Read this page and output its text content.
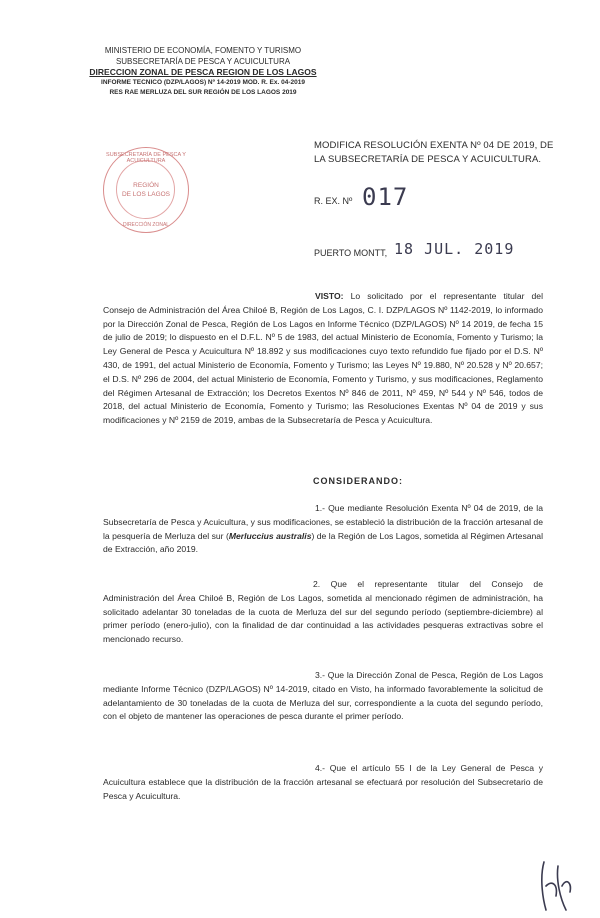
MINISTERIO DE ECONOMÍA, FOMENTO Y TURISMO
SUBSECRETARÍA DE PESCA Y ACUICULTURA
DIRECCION ZONAL DE PESCA REGION DE LOS LAGOS
INFORME TECNICO (DZP/LAGOS) Nº 14-2019 MOD. R. Ex. 04-2019
RES RAE MERLUZA DEL SUR REGIÓN DE LOS LAGOS 2019
MODIFICA RESOLUCIÓN EXENTA Nº 04 DE 2019, DE
LA SUBSECRETARÍA DE PESCA Y ACUICULTURA.
SUBSECRETARÍA DE PESCA Y ACUICULTURA
REGIÓN
DE LOS LAGOS
DIRECCIÓN ZONAL
R. EX. Nº 017
PUERTO MONTT, 18 JUL. 2019
VISTO: Lo solicitado por el representante titular del Consejo de Administración del Área Chiloé B, Región de Los Lagos, C. I. DZP/LAGOS Nº 1142-2019, lo informado por la Dirección Zonal de Pesca, Región de Los Lagos en Informe Técnico (DZP/LAGOS) Nº 14 2019, de fecha 15 de julio de 2019; lo dispuesto en el D.F.L. Nº 5 de 1983, del actual Ministerio de Economía, Fomento y Turismo; la Ley General de Pesca y Acuicultura Nº 18.892 y sus modificaciones cuyo texto refundido fue fijado por el D.S. Nº 430, de 1991, del actual Ministerio de Economía, Fomento y Turismo; las Leyes Nº 19.880, Nº 20.528 y Nº 20.657; el D.S. Nº 296 de 2004, del actual Ministerio de Economía, Fomento y Turismo, y sus modificaciones, Reglamento del Régimen Artesanal de Extracción; los Decretos Exentos Nº 846 de 2011, Nº 459, Nº 544 y Nº 546, todos de 2018, del actual Ministerio de Economía, Fomento y Turismo; las Resoluciones Exentas Nº 04 de 2019 y sus modificaciones y Nº 2159 de 2019, ambas de la Subsecretaría de Pesca y Acuicultura.
CONSIDERANDO:
1.- Que mediante Resolución Exenta Nº 04 de 2019, de la Subsecretaría de Pesca y Acuicultura, y sus modificaciones, se estableció la distribución de la fracción artesanal de la pesquería de Merluza del sur (Merluccius australis) de la Región de Los Lagos, sometida al Régimen Artesanal de Extracción, año 2019.
2. Que el representante titular del Consejo de Administración del Área Chiloé B, Región de Los Lagos, sometida al mencionado régimen de administración, ha solicitado adelantar 30 toneladas de la cuota de Merluza del sur del segundo período (septiembre-diciembre) al primer período (enero-julio), con la finalidad de dar continuidad a las actividades pesqueras extractivas sobre el mencionado recurso.
3.- Que la Dirección Zonal de Pesca, Región de Los Lagos mediante Informe Técnico (DZP/LAGOS) Nº 14-2019, citado en Visto, ha informado favorablemente la solicitud de adelantamiento de 30 toneladas de la cuota de Merluza del sur, correspondiente a la cuota del segundo período, con el objeto de mantener las operaciones de pesca durante el primer período.
4.- Que el artículo 55 I de la Ley General de Pesca y Acuicultura establece que la distribución de la fracción artesanal se efectuará por resolución del Subsecretario de Pesca y Acuicultura.
